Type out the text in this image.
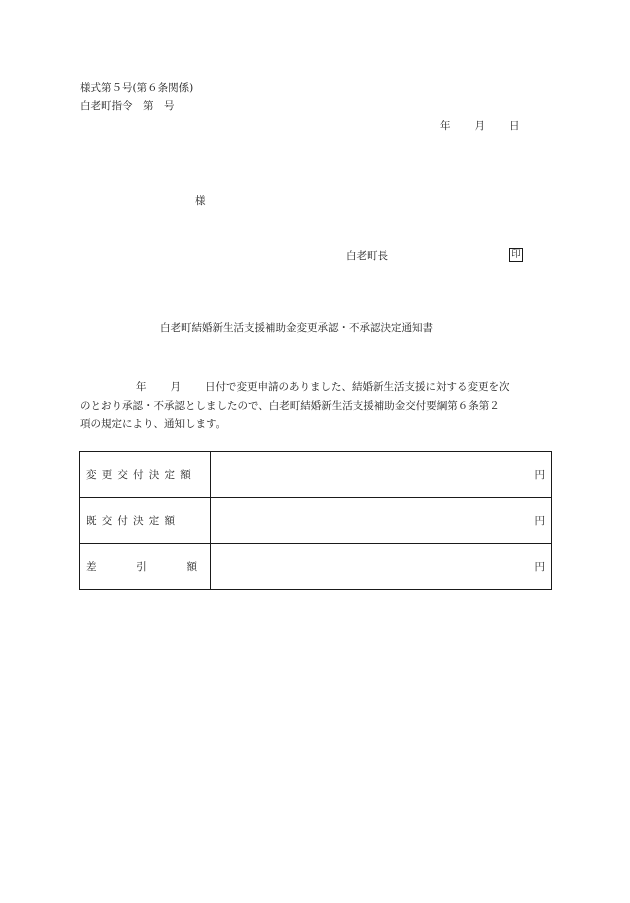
様式第５号(第６条関係)
白老町指令　第　号
年 月 日
様
白老町長	印
白老町結婚新生活支援補助金変更承認・不承認決定通知書
年 月 日付で変更申請のありました、結婚新生活支援に対する変更を次
のとおり承認・不承認としましたので、白老町結婚新生活支援補助金交付要綱第６条第２
項の規定により、通知します。
変更交付決定額	円
既交付決定額	円

差 引 額	円
